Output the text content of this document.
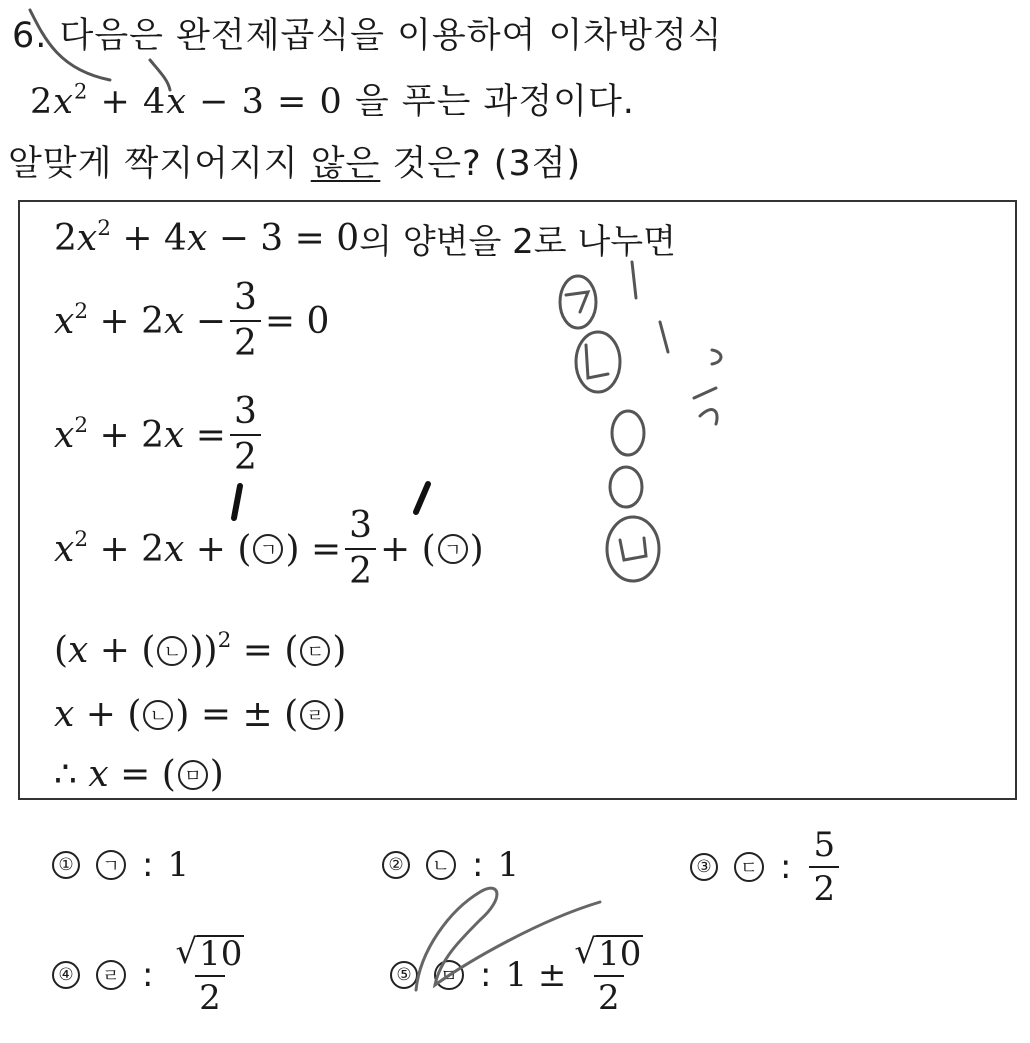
6. 다음은 완전제곱식을 이용하여 이차방정식
$2x^2 + 4x - 3 = 0$ 을 푸는 과정이다.
알맞게 짝지어지지 않은 것은? (3점)
$2x^2 + 4x - 3 = 0$ 의 양변을 2로 나누면
$x^2 + 2x - \frac{3}{2} = 0$
$x^2 + 2x = \frac{3}{2}$
$x^2 + 2x$ + ( ㄱ ) = $\frac{3}{2}$ + ( ㄱ )
(x + ( ㄴ ))$^2$ = ( ㄷ )
x + ( ㄴ ) = ± ( ㄹ )
∴ x = ( ㅁ )
①	ㄱ : 1	②	ㄴ : 1	③	ㄷ : $\frac{5}{2}$
④	ㄹ : $\frac{√ 10}{2}$	⑤	ㅁ : $1 \pm \frac{√ 10}{2}$
